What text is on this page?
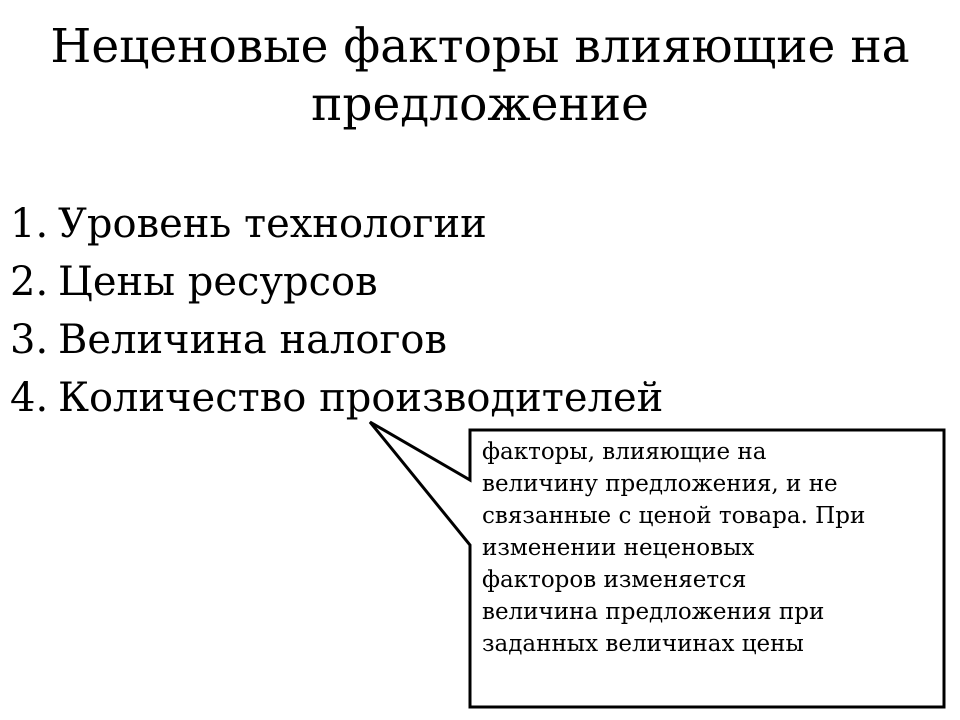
Неценовые факторы влияющие на
предложение
1. Уровень технологии
2. Цены ресурсов
3. Величина налогов
4. Количество производителей
факторы, влияющие на
величину предложения, и не
связанные с ценой товара. При
изменении неценовых
факторов изменяется
величина предложения при
заданных величинах цены
